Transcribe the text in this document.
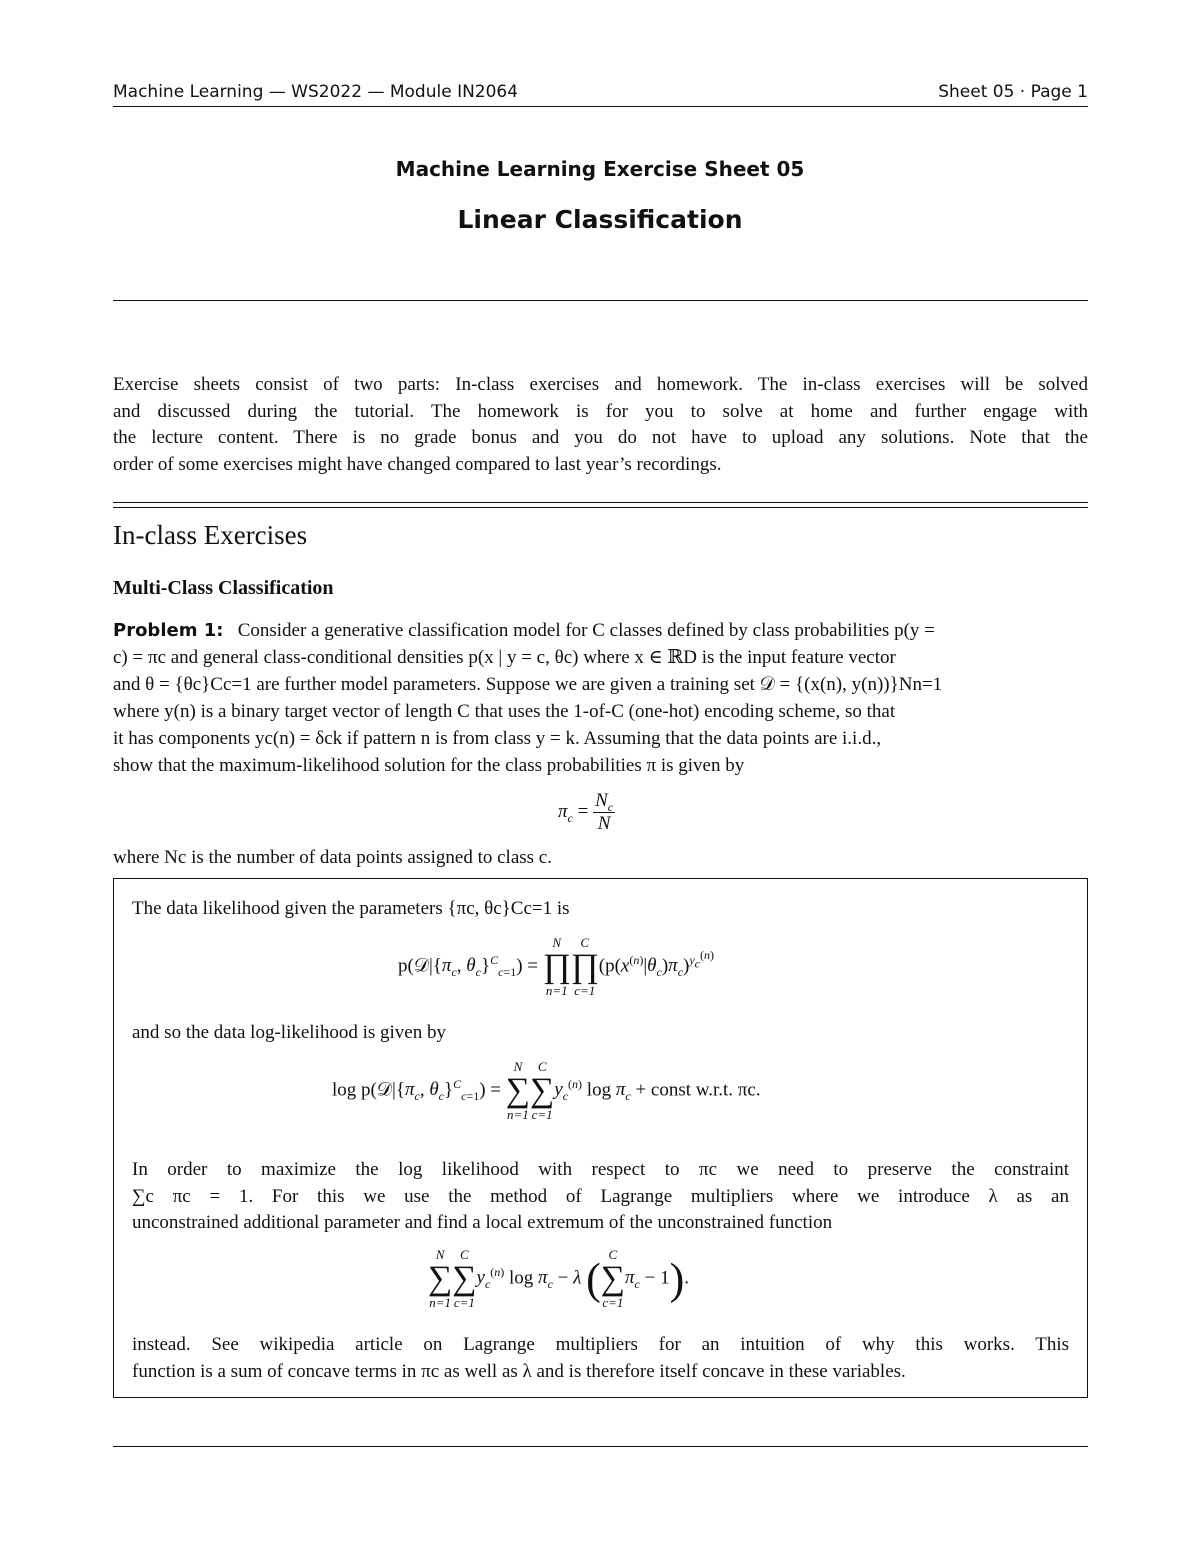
Machine Learning — WS2022 — Module IN2064	Sheet 05 · Page 1
Machine Learning Exercise Sheet 05
Linear Classification
Exercise sheets consist of two parts: In-class exercises and homework. The in-class exercises will be solved
and discussed during the tutorial. The homework is for you to solve at home and further engage with
the lecture content. There is no grade bonus and you do not have to upload any solutions. Note that the
order of some exercises might have changed compared to last year’s recordings.
In-class Exercises
Multi-Class Classification
Problem 1: Consider a generative classification model for C classes defined by class probabilities p(y =
c) = πc and general class-conditional densities p(x | y = c, θc) where x ∈ ℝD is the input feature vector
and θ = {θc}Cc=1 are further model parameters. Suppose we are given a training set 𝒟 = {(x(n), y(n))}Nn=1
where y(n) is a binary target vector of length C that uses the 1-of-C (one-hot) encoding scheme, so that
it has components yc(n) = δck if pattern n is from class y = k. Assuming that the data points are i.i.d.,
show that the maximum-likelihood solution for the class probabilities π is given by
$\pi_c = \frac{N_c}{N}$
where Nc is the number of data points assigned to class c.
The data likelihood given the parameters {πc, θc}Cc=1 is
$p(𝒟|\{\pi_c$, $\theta_c\}^C_{c=1}$) =
N
∏
n=1
C
∏
c=1
$(p(x^{(n)}|\theta_c)\pi_c)^{y_c^{(n)}}$
and so the data log-likelihood is given by
$\log p(𝒟|\{\pi_c$, $\theta_c\}^C_{c=1}$) =
N
∑
n=1
C
∑
c=1
$y_c^{(n)}$ $\log \pi_c$ + const w.r.t. πc.
In order to maximize the log likelihood with respect to πc we need to preserve the constraint
∑c πc = 1. For this we use the method of Lagrange multipliers where we introduce λ as an
unconstrained additional parameter and find a local extremum of the unconstrained function
N
∑
n=1
C
∑
c=1
$y_c^{(n)}$ $\log \pi_c - \lambda$ ( C
∑
c=1
$\pi_c - 1$).
instead. See wikipedia article on Lagrange multipliers for an intuition of why this works. This
function is a sum of concave terms in πc as well as λ and is therefore itself concave in these variables.
